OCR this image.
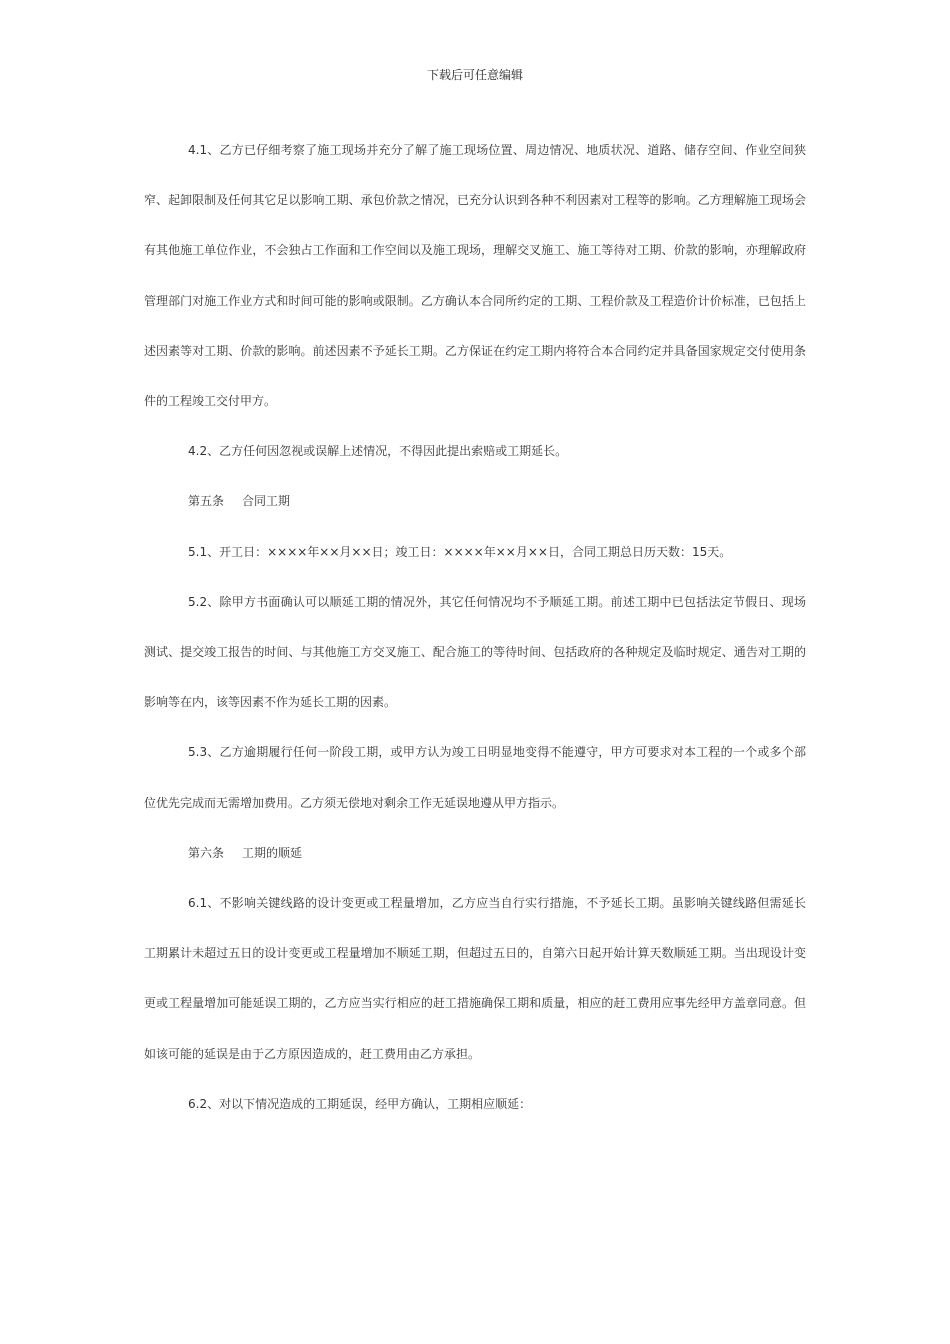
下载后可任意编辑

4.1、乙方已仔细考察了施工现场并充分了解了施工现场位置、周边情况、地质状况、道路、储存空间、作业空间狭窄、起卸限制及任何其它足以影响工期、承包价款之情况，已充分认识到各种不利因素对工程等的影响。乙方理解施工现场会有其他施工单位作业，不会独占工作面和工作空间以及施工现场，理解交叉施工、施工等待对工期、价款的影响，亦理解政府管理部门对施工作业方式和时间可能的影响或限制。乙方确认本合同所约定的工期、工程价款及工程造价计价标准，已包括上述因素等对工期、价款的影响。前述因素不予延长工期。乙方保证在约定工期内将符合本合同约定并具备国家规定交付使用条件的工程竣工交付甲方。

4.2、乙方任何因忽视或误解上述情况，不得因此提出索赔或工期延长。

第五条 合同工期

5.1、开工日：××××年××月××日；竣工日：××××年××月××日，合同工期总日历天数：15天。

5.2、除甲方书面确认可以顺延工期的情况外，其它任何情况均不予顺延工期。前述工期中已包括法定节假日、现场测试、提交竣工报告的时间、与其他施工方交叉施工、配合施工的等待时间、包括政府的各种规定及临时规定、通告对工期的影响等在内，该等因素不作为延长工期的因素。

5.3、乙方逾期履行任何一阶段工期，或甲方认为竣工日明显地变得不能遵守，甲方可要求对本工程的一个或多个部位优先完成而无需增加费用。乙方须无偿地对剩余工作无延误地遵从甲方指示。

第六条 工期的顺延

6.1、不影响关键线路的设计变更或工程量增加，乙方应当自行实行措施，不予延长工期。虽影响关键线路但需延长工期累计未超过五日的设计变更或工程量增加不顺延工期，但超过五日的，自第六日起开始计算天数顺延工期。当出现设计变更或工程量增加可能延误工期的，乙方应当实行相应的赶工措施确保工期和质量，相应的赶工费用应事先经甲方盖章同意。但如该可能的延误是由于乙方原因造成的，赶工费用由乙方承担。

6.2、对以下情况造成的工期延误，经甲方确认，工期相应顺延：
